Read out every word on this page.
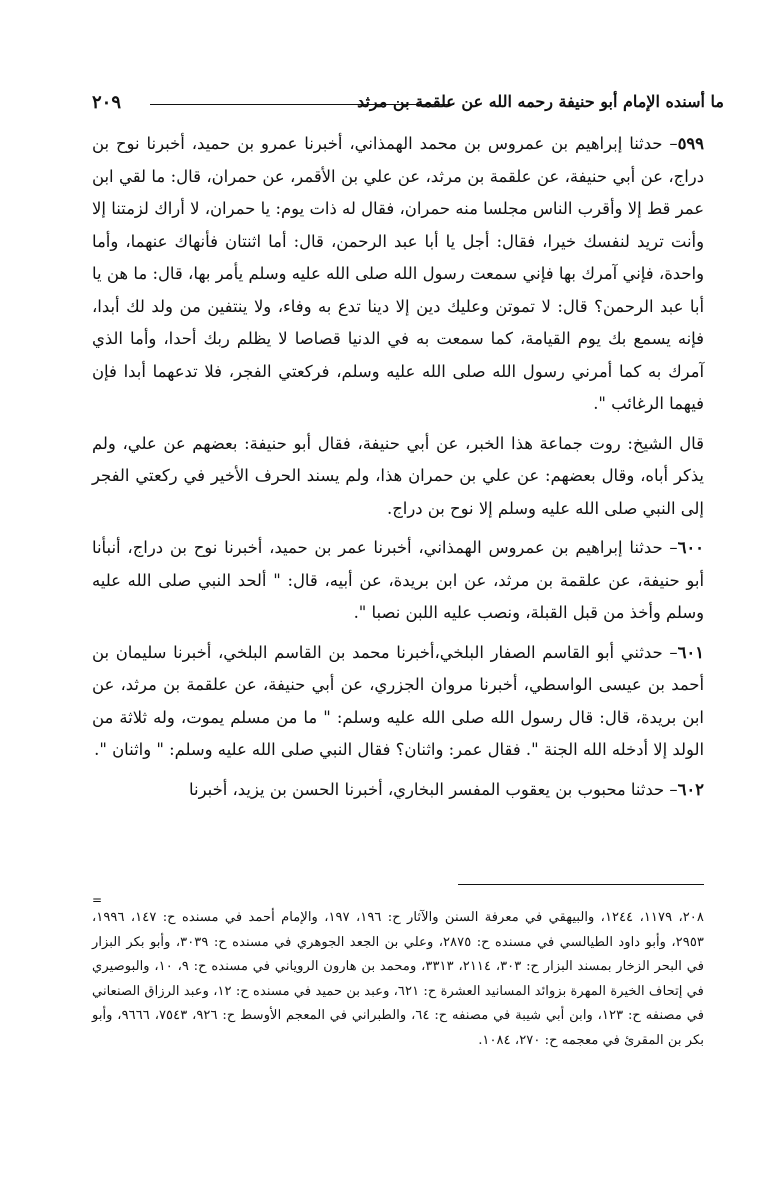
ما أسنده الإمام أبو حنيفة رحمه الله عن علقمة بن مرثد
٢٠٩

٥٩٩– حدثنا إبراهيم بن عمروس بن محمد الهمذاني، أخبرنا عمرو بن حميد، أخبرنا نوح بن دراج، عن أبي حنيفة، عن علقمة بن مرثد، عن علي بن الأقمر، عن حمران، قال: ما لقي ابن عمر قط إلا وأقرب الناس مجلسا منه حمران، فقال له ذات يوم: يا حمران، لا أراك لزمتنا إلا وأنت تريد لنفسك خيرا، فقال: أجل يا أبا عبد الرحمن، قال: أما اثنتان فأنهاك عنهما، وأما واحدة، فإني آمرك بها فإني سمعت رسول الله صلى الله عليه وسلم يأمر بها، قال: ما هن يا أبا عبد الرحمن؟ قال: لا تموتن وعليك دين إلا دينا تدع به وفاء، ولا ينتفين من ولد لك أبدا، فإنه يسمع بك يوم القيامة، كما سمعت به في الدنيا قصاصا لا يظلم ربك أحدا، وأما الذي آمرك به كما أمرني رسول الله صلى الله عليه وسلم، فركعتي الفجر، فلا تدعهما أبدا فإن فيهما الرغائب ".

قال الشيخ: روت جماعة هذا الخبر، عن أبي حنيفة، فقال أبو حنيفة: بعضهم عن علي، ولم يذكر أباه، وقال بعضهم: عن علي بن حمران هذا، ولم يسند الحرف الأخير في ركعتي الفجر إلى النبي صلى الله عليه وسلم إلا نوح بن دراج.

٦٠٠– حدثنا إبراهيم بن عمروس الهمذاني، أخبرنا عمر بن حميد، أخبرنا نوح بن دراج، أنبأنا أبو حنيفة، عن علقمة بن مرثد، عن ابن بريدة، عن أبيه، قال: " ألحد النبي صلى الله عليه وسلم وأخذ من قبل القبلة، ونصب عليه اللبن نصبا ".

٦٠١– حدثني أبو القاسم الصفار البلخي،أخبرنا محمد بن القاسم البلخي، أخبرنا سليمان بن أحمد بن عيسى الواسطي، أخبرنا مروان الجزري، عن أبي حنيفة، عن علقمة بن مرثد، عن ابن بريدة، قال: قال رسول الله صلى الله عليه وسلم: " ما من مسلم يموت، وله ثلاثة من الولد إلا أدخله الله الجنة ". فقال عمر: واثنان؟ فقال النبي صلى الله عليه وسلم: " واثنان ".

٦٠٢– حدثنا محبوب بن يعقوب المفسر البخاري، أخبرنا الحسن بن يزيد، أخبرنا

=

٢٠٨، ١١٧٩، ١٢٤٤، والبيهقي في معرفة السنن والآثار ح: ١٩٦، ١٩٧، والإمام أحمد في مسنده ح: ١٤٧، ١٩٩٦، ٢٩٥٣، وأبو داود الطيالسي في مسنده ح: ٢٨٧٥، وعلي بن الجعد الجوهري في مسنده ح: ٣٠٣٩، وأبو بكر البزار في البحر الزخار بمسند البزار ح: ٣٠٣، ٢١١٤، ٣٣١٣، ومحمد بن هارون الروياني في مسنده ح: ٩، ١٠، والبوصيري في إتحاف الخيرة المهرة بزوائد المسانيد العشرة ح: ٦٢١، وعبد بن حميد في مسنده ح: ١٢، وعبد الرزاق الصنعاني في مصنفه ح: ١٢٣، وابن أبي شيبة في مصنفه ح: ٦٤، والطبراني في المعجم الأوسط ح: ٩٢٦، ٧٥٤٣، ٩٦٦٦، وأبو بكر بن المقرئ في معجمه ح: ٢٧٠، ١٠٨٤.
